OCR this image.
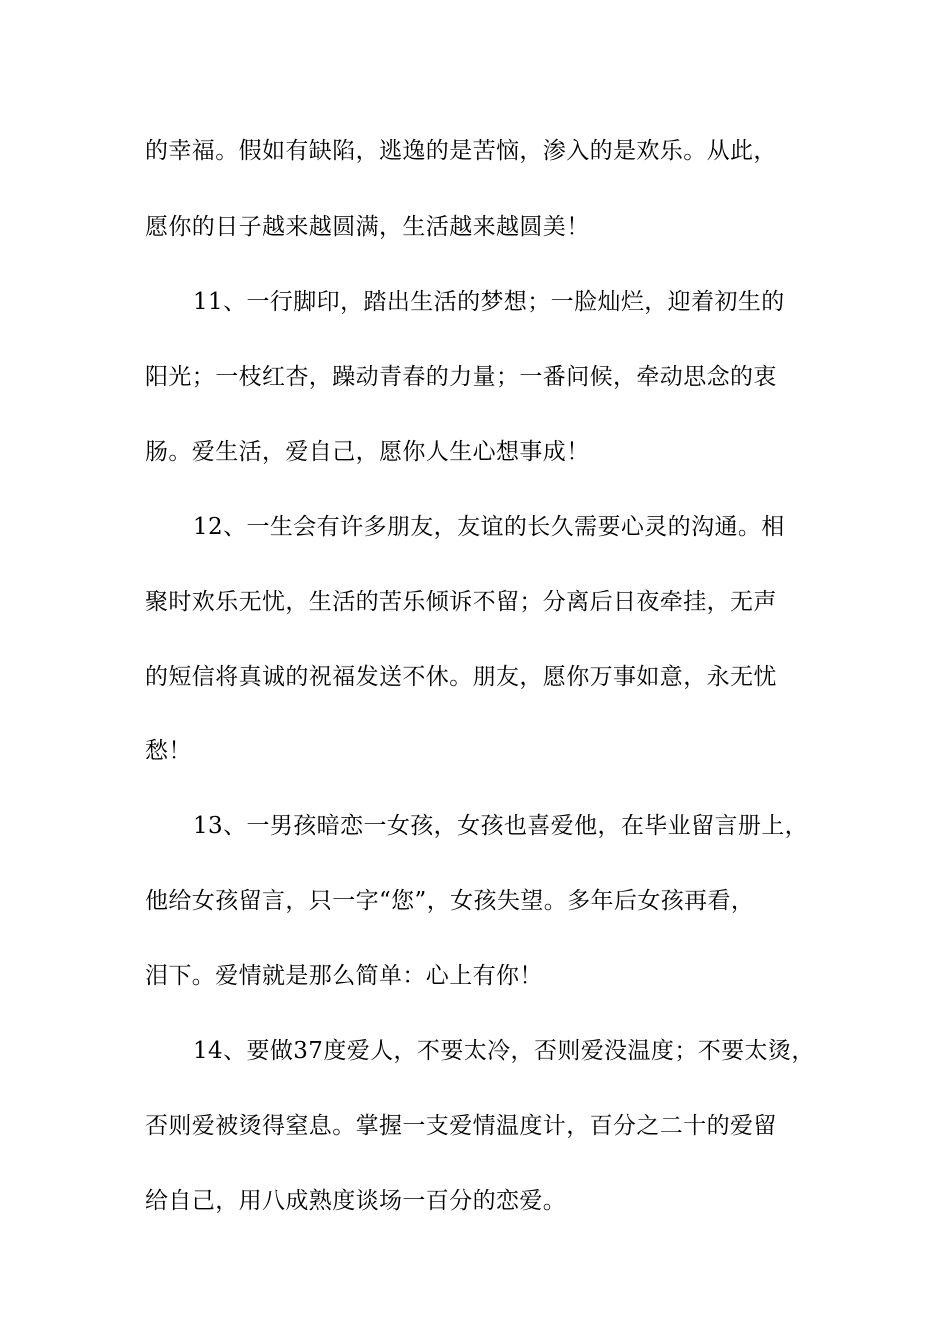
的幸福。假如有缺陷，逃逸的是苦恼，渗入的是欢乐。从此，
愿你的日子越来越圆满，生活越来越圆美！
11、一行脚印，踏出生活的梦想；一脸灿烂，迎着初生的
阳光；一枝红杏，躁动青春的力量；一番问候，牵动思念的衷
肠。爱生活，爱自己，愿你人生心想事成！
12、一生会有许多朋友，友谊的长久需要心灵的沟通。相
聚时欢乐无忧，生活的苦乐倾诉不留；分离后日夜牵挂，无声
的短信将真诚的祝福发送不休。朋友，愿你万事如意，永无忧
愁！
13、一男孩暗恋一女孩，女孩也喜爱他，在毕业留言册上，
他给女孩留言，只一字“您”，女孩失望。多年后女孩再看，
泪下。爱情就是那么简单：心上有你！
14、要做37度爱人，不要太冷，否则爱没温度；不要太烫，
否则爱被烫得窒息。掌握一支爱情温度计，百分之二十的爱留
给自己，用八成熟度谈场一百分的恋爱。
